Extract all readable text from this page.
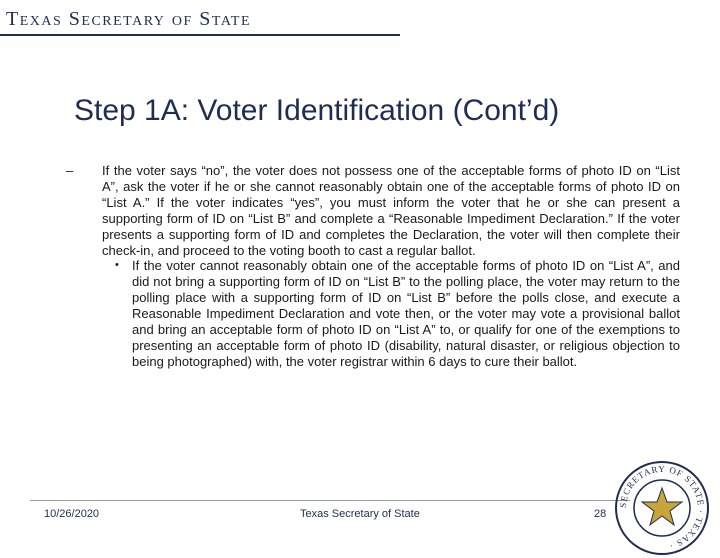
Texas Secretary of State
Step 1A: Voter Identification (Cont’d)
– If the voter says “no”, the voter does not possess one of the acceptable forms of photo ID on “List A”, ask the voter if he or she cannot reasonably obtain one of the acceptable forms of photo ID on “List A.” If the voter indicates “yes”, you must inform the voter that he or she can present a supporting form of ID on “List B” and complete a “Reasonable Impediment Declaration.” If the voter presents a supporting form of ID and completes the Declaration, the voter will then complete their check-in, and proceed to the voting booth to cast a regular ballot.
• If the voter cannot reasonably obtain one of the acceptable forms of photo ID on “List A”, and did not bring a supporting form of ID on “List B” to the polling place, the voter may return to the polling place with a supporting form of ID on “List B” before the polls close, and execute a Reasonable Impediment Declaration and vote then, or the voter may vote a provisional ballot and bring an acceptable form of photo ID on “List A” to, or qualify for one of the exemptions to presenting an acceptable form of photo ID (disability, natural disaster, or religious objection to being photographed) with, the voter registrar within 6 days to cure their ballot.
10/26/2020	Texas Secretary of State	28
SECRETARY OF STATE · TEXAS ·
